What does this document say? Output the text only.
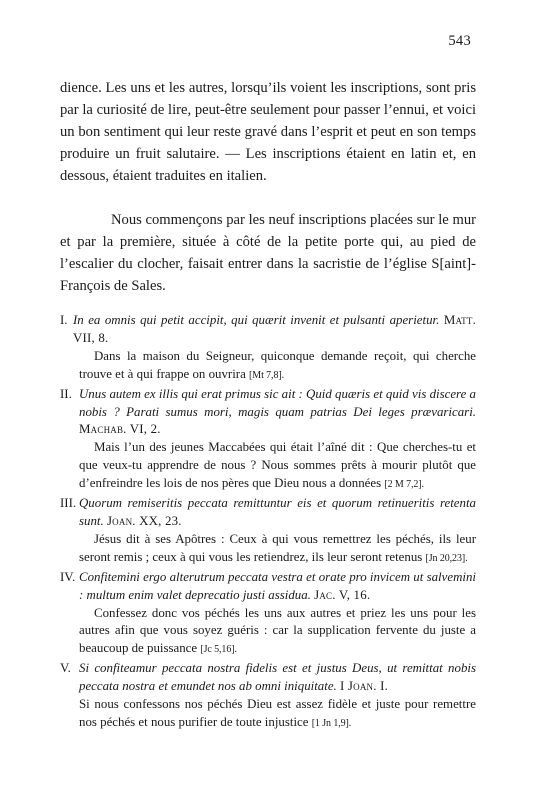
543

dience. Les uns et les autres, lorsqu’ils voient les inscriptions, sont pris par la curiosité de lire, peut-être seulement pour passer l’ennui, et voici un bon sentiment qui leur reste gravé dans l’esprit et peut en son temps produire un fruit salutaire. — Les inscriptions étaient en latin et, en dessous, étaient traduites en italien.

Nous commençons par les neuf inscriptions placées sur le mur et par la première, située à côté de la petite porte qui, au pied de l’escalier du clocher, faisait entrer dans la sacristie de l’église S[aint]-François de Sales.

I. In ea omnis qui petit accipit, qui quærit invenit et pulsanti aperietur. Matt. VII, 8.
Dans la maison du Seigneur, quiconque demande reçoit, qui cherche trouve et à qui frappe on ouvrira [Mt 7,8].
II. Unus autem ex illis qui erat primus sic ait : Quid quæris et quid vis discere a nobis ? Parati sumus mori, magis quam patrias Dei leges prævaricari. Machab. VI, 2.
Mais l’un des jeunes Maccabées qui était l’aîné dit : Que cherches-tu et que veux-tu apprendre de nous ? Nous sommes prêts à mourir plutôt que d’enfreindre les lois de nos pères que Dieu nous a données [2 M 7,2].
III. Quorum remiseritis peccata remittuntur eis et quorum retinueritis retenta sunt. Joan. XX, 23.
Jésus dit à ses Apôtres : Ceux à qui vous remettrez les péchés, ils leur seront remis ; ceux à qui vous les retiendrez, ils leur seront retenus [Jn 20,23].
IV. Confitemini ergo alterutrum peccata vestra et orate pro invicem ut salvemini : multum enim valet deprecatio justi assidua. Jac. V, 16.
Confessez donc vos péchés les uns aux autres et priez les uns pour les autres afin que vous soyez guéris : car la supplication fervente du juste a beaucoup de puissance [Jc 5,16].
V. Si confiteamur peccata nostra fidelis est et justus Deus, ut remittat nobis peccata nostra et emundet nos ab omni iniquitate. I Joan. I.
Si nous confessons nos péchés Dieu est assez fidèle et juste pour remettre nos péchés et nous purifier de toute injustice [1 Jn 1,9].
